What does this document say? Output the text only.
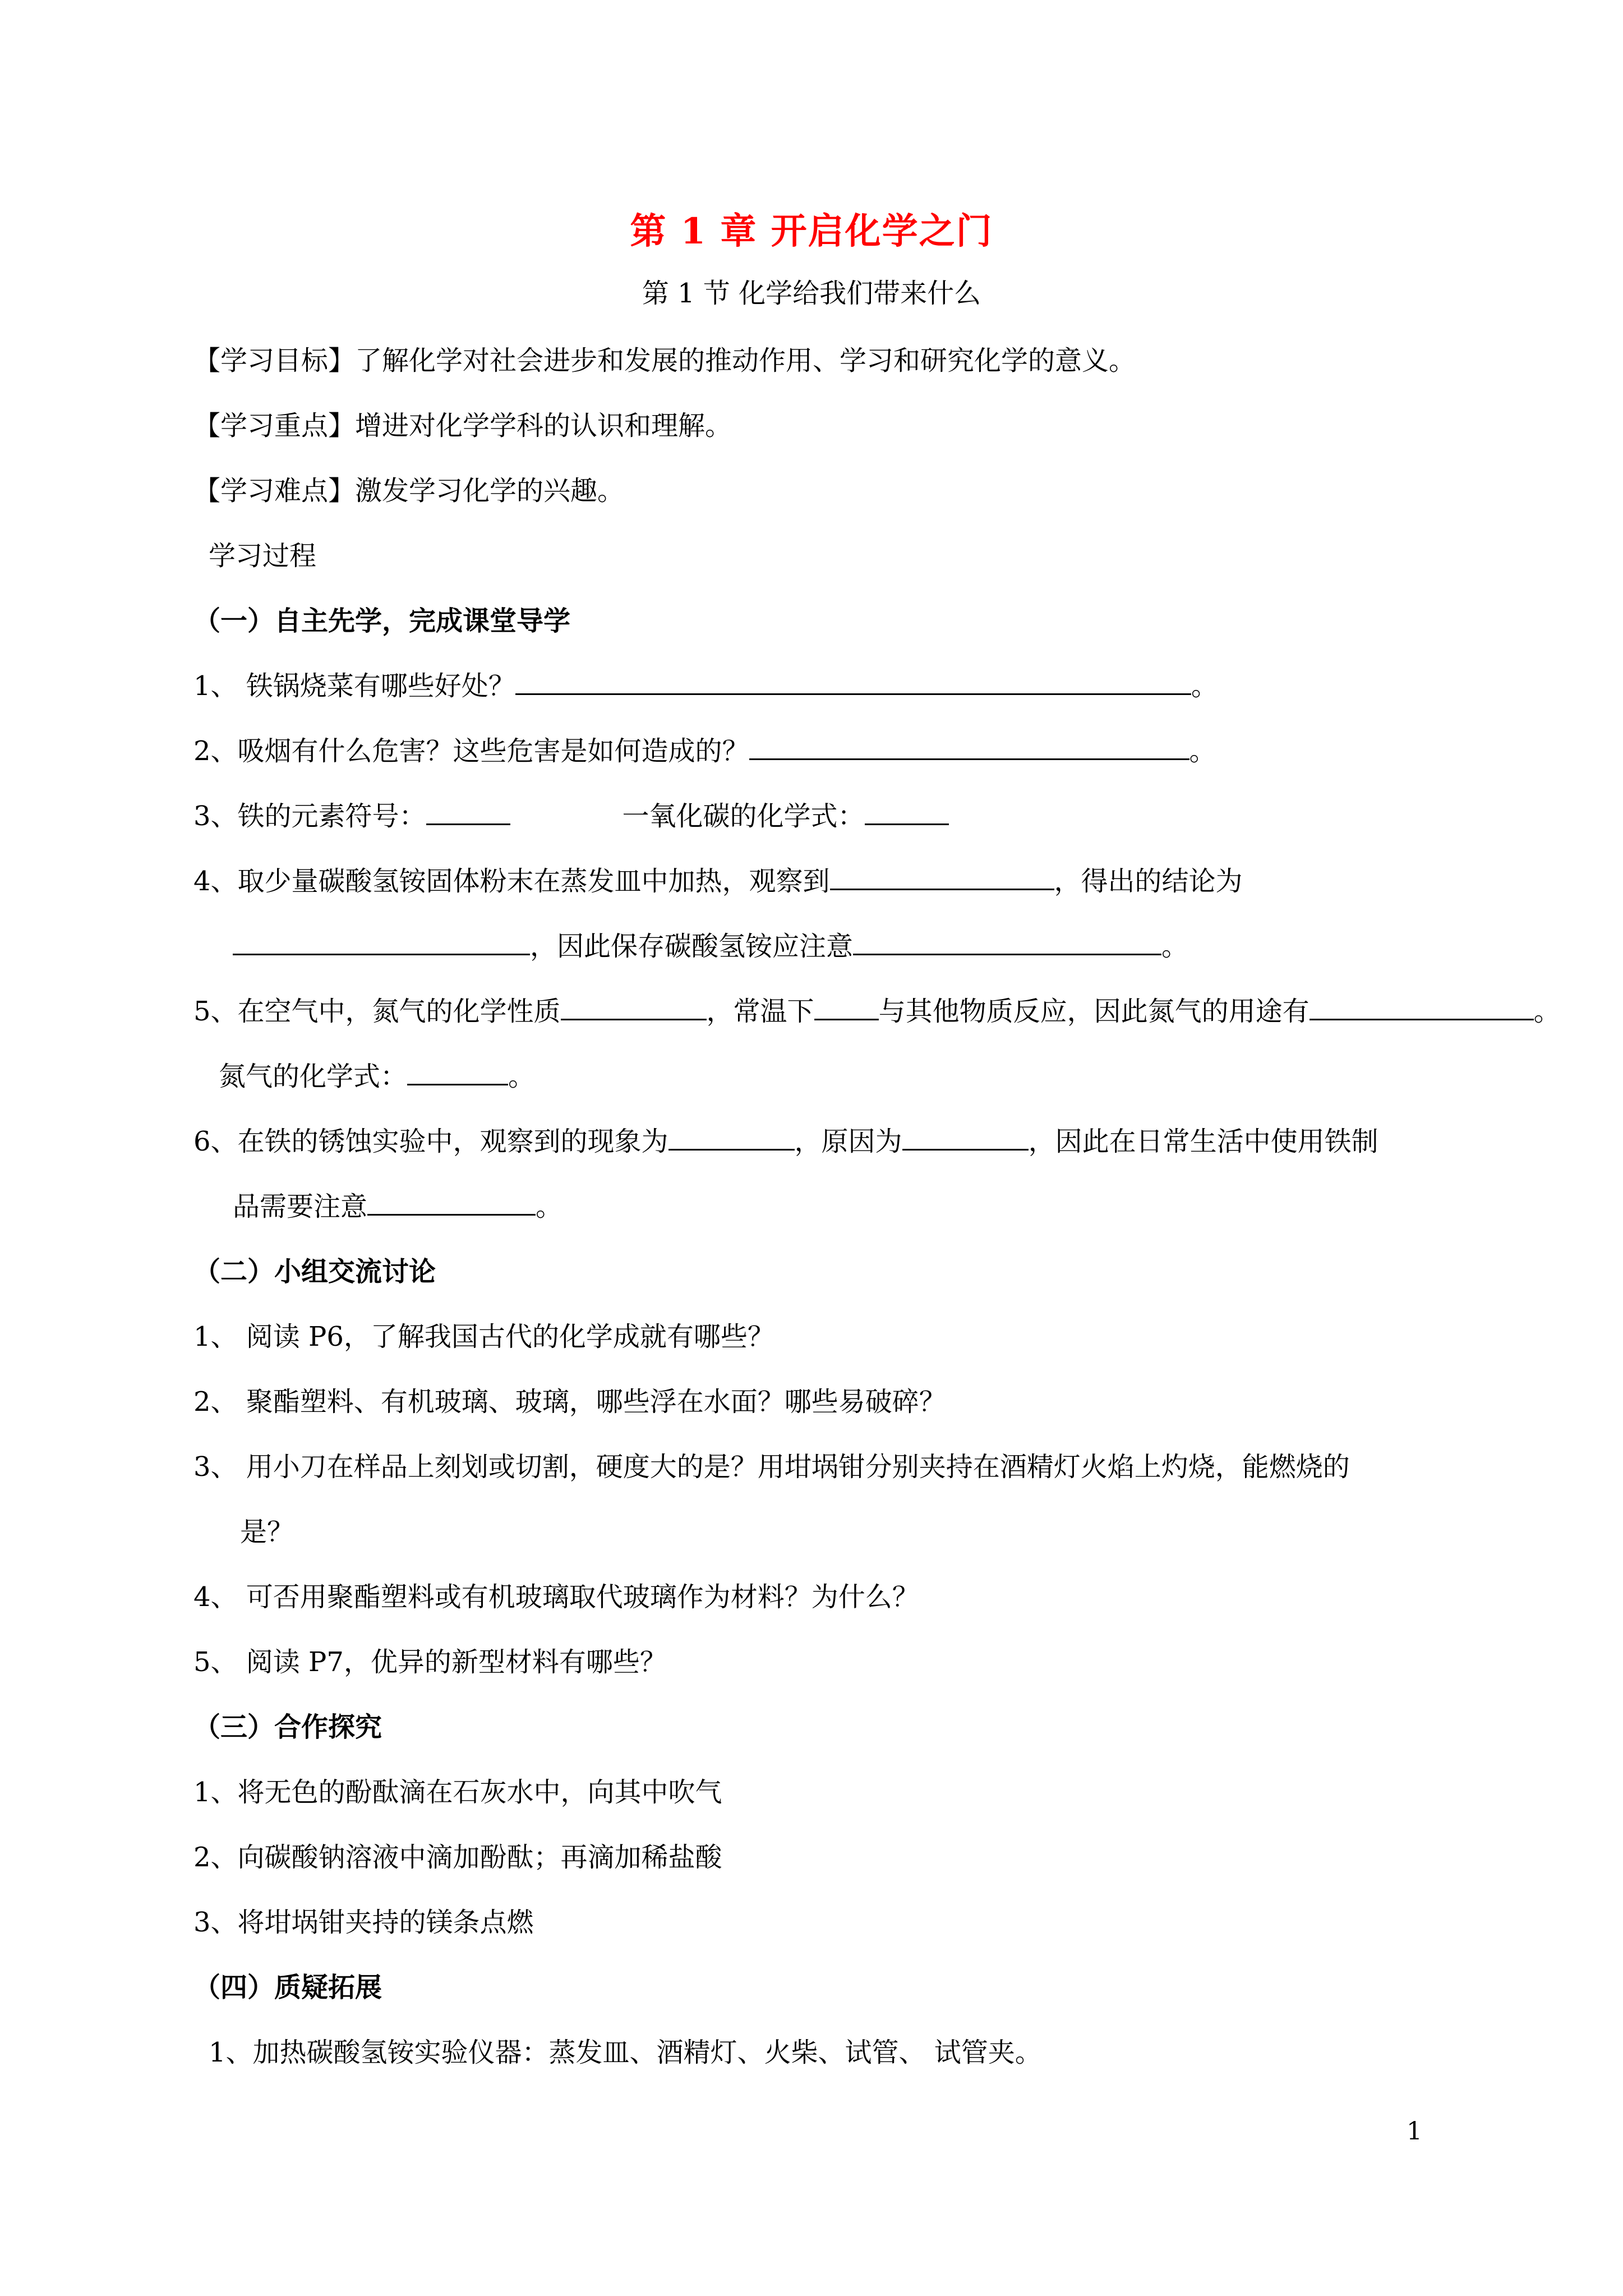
第 1 章 开启化学之门
第 1 节 化学给我们带来什么
【学习目标】了解化学对社会进步和发展的推动作用、学习和研究化学的意义。
【学习重点】增进对化学学科的认识和理解。
【学习难点】激发学习化学的兴趣。
学习过程
（一）自主先学，完成课堂导学
1、 铁锅烧菜有哪些好处？	。
2、吸烟有什么危害？这些危害是如何造成的？	。
3、铁的元素符号：	一氧化碳的化学式：
4、取少量碳酸氢铵固体粉末在蒸发皿中加热，观察到	，得出的结论为
，因此保存碳酸氢铵应注意	。
5、在空气中，氮气的化学性质	，常温下 与其他物质反应，因此氮气的用途有	。
氮气的化学式：	。
6、在铁的锈蚀实验中，观察到的现象为	，原因为	，因此在日常生活中使用铁制
品需要注意	。
（二）小组交流讨论
1、 阅读 P6，了解我国古代的化学成就有哪些？
2、 聚酯塑料、有机玻璃、玻璃，哪些浮在水面？哪些易破碎？
3、 用小刀在样品上刻划或切割，硬度大的是？用坩埚钳分别夹持在酒精灯火焰上灼烧，能燃烧的
是？
4、 可否用聚酯塑料或有机玻璃取代玻璃作为材料？为什么？
5、 阅读 P7，优异的新型材料有哪些？
（三）合作探究
1、将无色的酚酞滴在石灰水中，向其中吹气
2、向碳酸钠溶液中滴加酚酞；再滴加稀盐酸
3、将坩埚钳夹持的镁条点燃
（四）质疑拓展
1、加热碳酸氢铵实验仪器：蒸发皿、酒精灯、火柴、试管、 试管夹。
1
